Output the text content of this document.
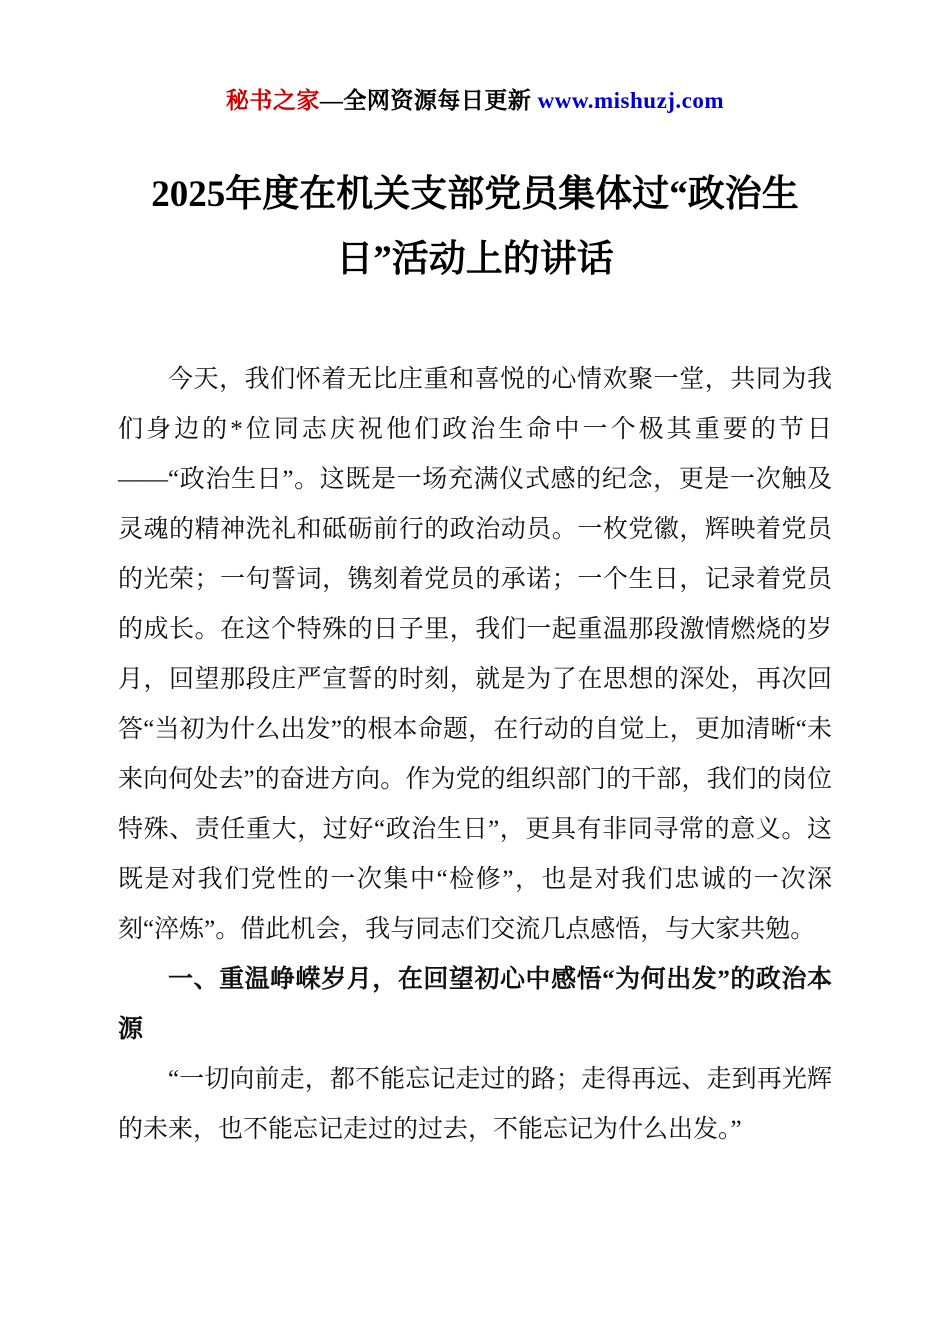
秘书之家—全网资源每日更新 www.mishuzj.com
2025年度在机关支部党员集体过“政治生日”活动上的讲话

今天，我们怀着无比庄重和喜悦的心情欢聚一堂，共同为我们身边的*位同志庆祝他们政治生命中一个极其重要的节日——“政治生日”。这既是一场充满仪式感的纪念，更是一次触及灵魂的精神洗礼和砥砺前行的政治动员。一枚党徽，辉映着党员的光荣；一句誓词，镌刻着党员的承诺；一个生日，记录着党员的成长。在这个特殊的日子里，我们一起重温那段激情燃烧的岁月，回望那段庄严宣誓的时刻，就是为了在思想的深处，再次回答“当初为什么出发”的根本命题，在行动的自觉上，更加清晰“未来向何处去”的奋进方向。作为党的组织部门的干部，我们的岗位特殊、责任重大，过好“政治生日”，更具有非同寻常的意义。这既是对我们党性的一次集中“检修”，也是对我们忠诚的一次深刻“淬炼”。借此机会，我与同志们交流几点感悟，与大家共勉。

一、重温峥嵘岁月，在回望初心中感悟“为何出发”的政治本源

“一切向前走，都不能忘记走过的路；走得再远、走到再光辉的未来，也不能忘记走过的过去，不能忘记为什么出发。”
